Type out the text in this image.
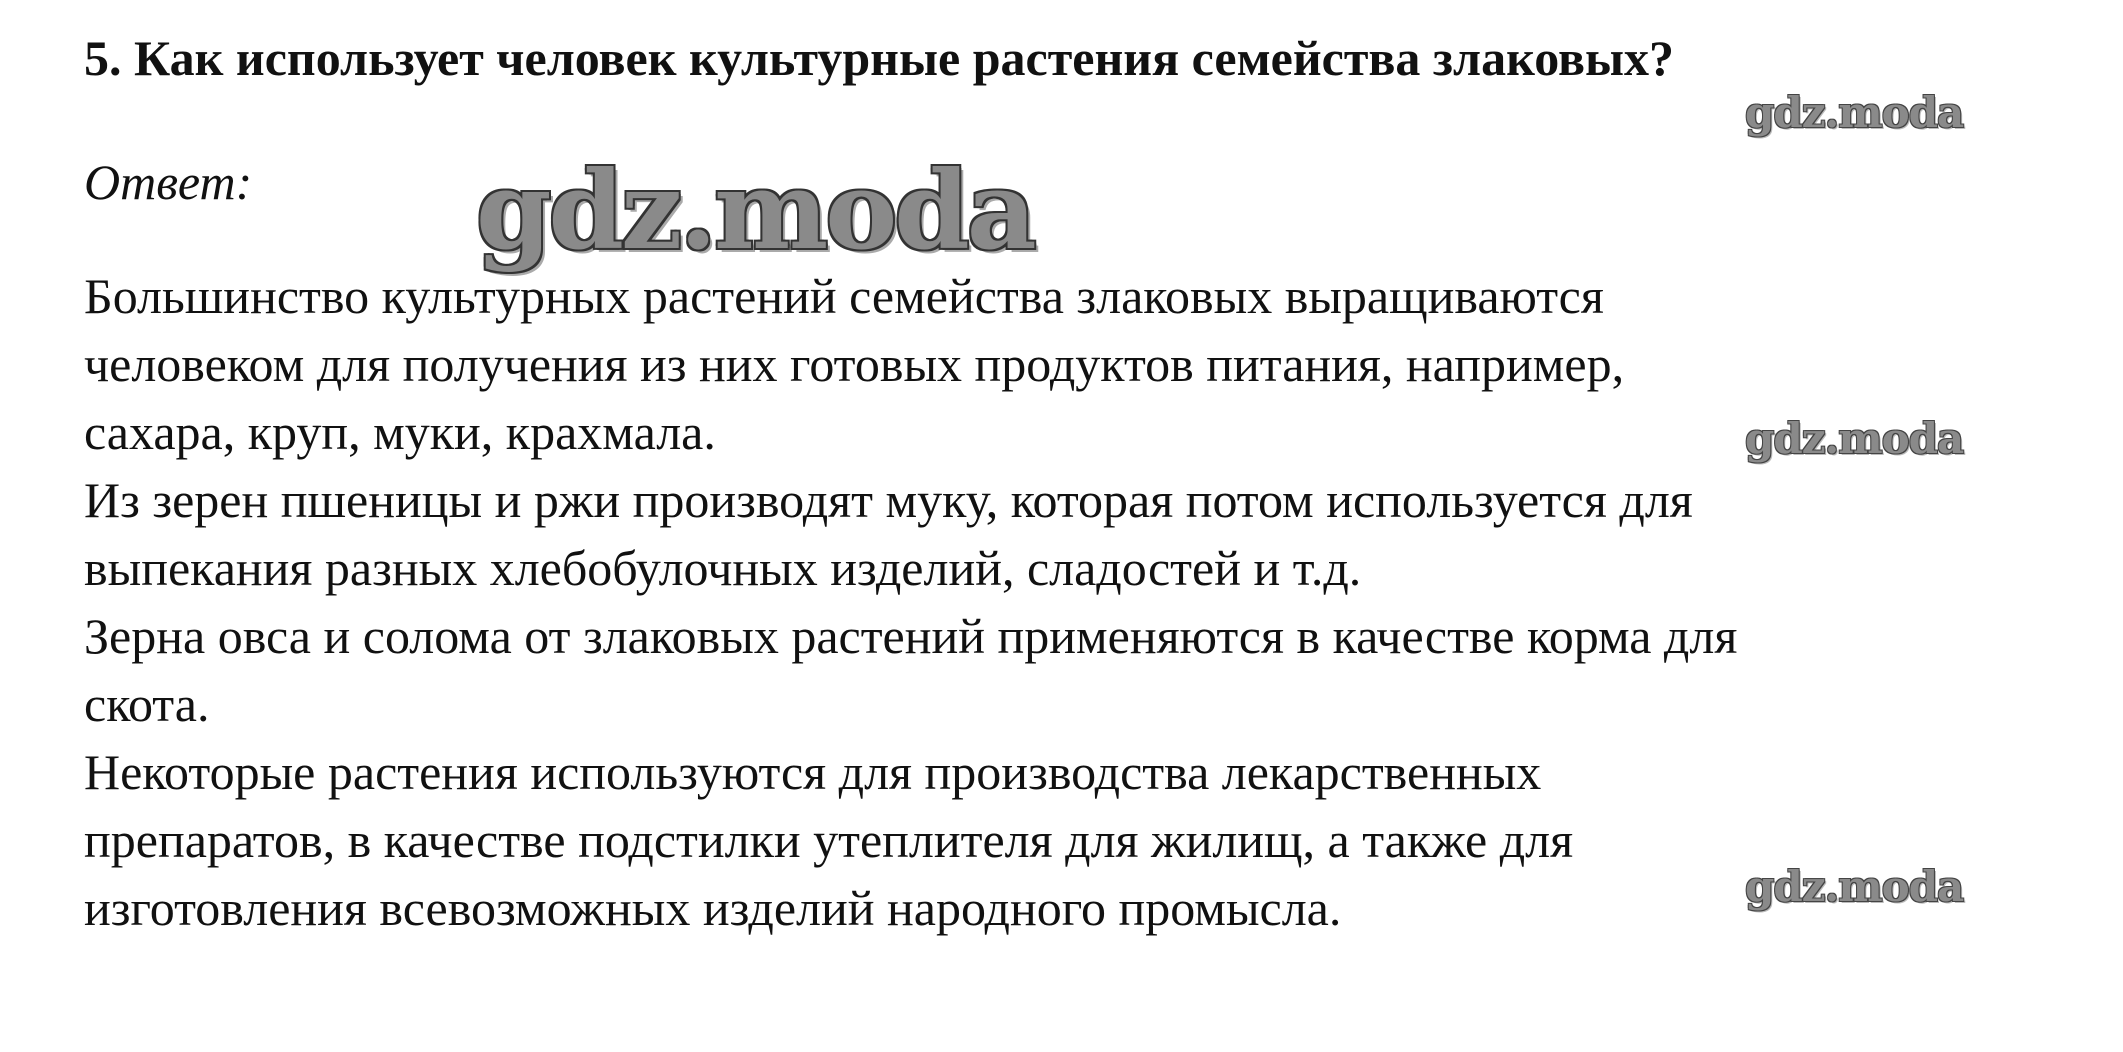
5. Как использует человек культурные растения семейства злаковых?
Ответ:

Большинство культурных растений семейства злаковых выращиваются

человеком для получения из них готовых продуктов питания, например,

сахара, круп, муки, крахмала.

Из зерен пшеницы и ржи производят муку, которая потом используется для

выпекания разных хлебобулочных изделий, сладостей и т.д.

Зерна овса и солома от злаковых растений применяются в качестве корма для

скота.

Некоторые растения используются для производства лекарственных

препаратов, в качестве подстилки утеплителя для жилищ, а также для

изготовления всевозможных изделий народного промысла.

gdz.moda
gdz.moda
gdz.moda
gdz.moda
